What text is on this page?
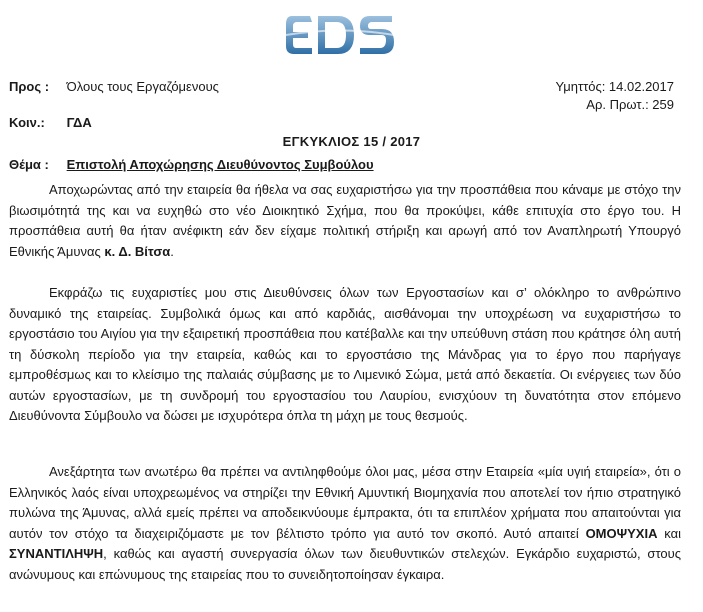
Προς : Όλους τους Εργαζόμενους	Υμηττός: 14.02.2017
Αρ. Πρωτ.: 259
Κοιν.: ΓΔΑ
ΕΓΚΥΚΛΙΟΣ 15 / 2017
Θέμα : Επιστολή Αποχώρησης Διευθύνοντος Συμβούλου

Αποχωρώντας από την εταιρεία θα ήθελα να σας ευχαριστήσω για την προσπάθεια που κάναμε με στόχο την βιωσιμότητά της και να ευχηθώ στο νέο Διοικητικό Σχήμα, που θα προκύψει, κάθε επιτυχία στο έργο του. Η προσπάθεια αυτή θα ήταν ανέφικτη εάν δεν είχαμε πολιτική στήριξη και αρωγή από τον Αναπληρωτή Υπουργό Εθνικής Άμυνας κ. Δ. Βίτσα.

Εκφράζω τις ευχαριστίες μου στις Διευθύνσεις όλων των Εργοστασίων και σ’ ολόκληρο το ανθρώπινο δυναμικό της εταιρείας. Συμβολικά όμως και από καρδιάς, αισθάνομαι την υποχρέωση να ευχαριστήσω το εργοστάσιο του Αιγίου για την εξαιρετική προσπάθεια που κατέβαλλε και την υπεύθυνη στάση που κράτησε όλη αυτή τη δύσκολη περίοδο για την εταιρεία, καθώς και το εργοστάσιο της Μάνδρας για το έργο που παρήγαγε εμπροθέσμως και το κλείσιμο της παλαιάς σύμβασης με το Λιμενικό Σώμα, μετά από δεκαετία. Οι ενέργειες των δύο αυτών εργοστασίων, με τη συνδρομή του εργοστασίου του Λαυρίου, ενισχύουν τη δυνατότητα στον επόμενο Διευθύνοντα Σύμβουλο να δώσει με ισχυρότερα όπλα τη μάχη με τους θεσμούς.

Ανεξάρτητα των ανωτέρω θα πρέπει να αντιληφθούμε όλοι μας, μέσα στην Εταιρεία «μία υγιή εταιρεία», ότι ο Ελληνικός λαός είναι υποχρεωμένος να στηρίζει την Εθνική Αμυντική Βιομηχανία που αποτελεί τον ήπιο στρατηγικό πυλώνα της Άμυνας, αλλά εμείς πρέπει να αποδεικνύουμε έμπρακτα, ότι τα επιπλέον χρήματα που απαιτούνται για αυτόν τον στόχο τα διαχειριζόμαστε με τον βέλτιστο τρόπο για αυτό τον σκοπό. Αυτό απαιτεί ΟΜΟΨΥΧΙΑ και ΣΥΝΑΝΤΙΛΗΨΗ, καθώς και αγαστή συνεργασία όλων των διευθυντικών στελεχών. Εγκάρδιο ευχαριστώ, στους ανώνυμους και επώνυμους της εταιρείας που το συνειδητοποίησαν έγκαιρα.
